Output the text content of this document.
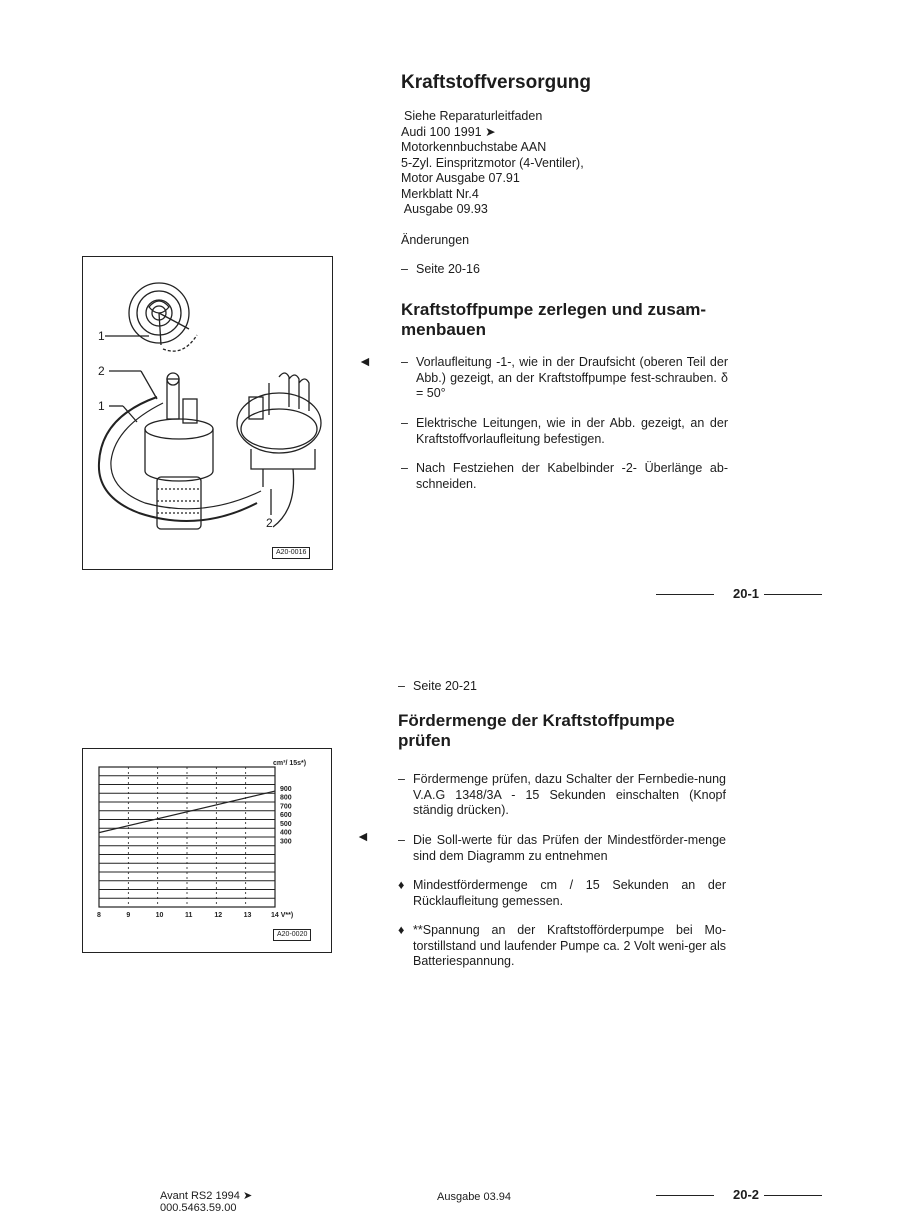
Kraftstoffversorgung
Siehe Reparaturleitfaden
Audi 100 1991 ➤
Motorkennbuchstabe AAN
5-Zyl. Einspritzmotor (4-Ventiler),
Motor Ausgabe 07.91
Merkblatt Nr.4
Ausgabe 09.93
Änderungen
– Seite 20-16
Kraftstoffpumpe zerlegen und zusam-
menbauen
◄ – Vorlaufleitung -1-, wie in der Draufsicht (oberen Teil der Abb.) gezeigt, an der Kraftstoffpumpe fest-schrauben. δ = 50°
– Elektrische Leitungen, wie in der Abb. gezeigt, an der Kraftstoffvorlaufleitung befestigen.
– Nach Festziehen der Kabelbinder -2- Überlänge ab-schneiden.
1
2
1
2
A20-0016
20-1
– Seite 20-21
Fördermenge der Kraftstoffpumpe
prüfen
◄
– Fördermenge prüfen, dazu Schalter der Fernbedie-nung V.A.G 1348/3A - 15 Sekunden einschalten (Knopf ständig drücken).
– Die Soll-werte für das Prüfen der Mindestförder-menge sind dem Diagramm zu entnehmen
♦ Mindestfördermenge cm / 15 Sekunden an der Rücklaufleitung gemessen.
♦ **Spannung an der Kraftstofförderpumpe bei Mo-torstillstand und laufender Pumpe ca. 2 Volt weni-ger als Batteriespannung.
900
800
700
600
500
400
300
cm³/ 15s*)
8	9	10	11	12	13	14 V**)
A20-0020
Avant RS2 1994 ➤
000.5463.59.00
Ausgabe 03.94	20-2
